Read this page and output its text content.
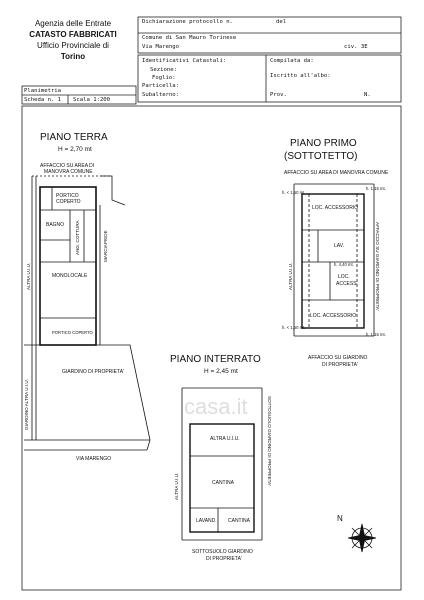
Agenzia delle Entrate
CATASTO FABBRICATI
Ufficio Provinciale di
Torino
Dichiarazione protocollo n.	del
Comune di San Mauro Torinese
Via Marengo	civ. 3E
Identificativi Catastali:
Sezione:
Foglio:
Particella:
Subalterno:
Compilata da:
Iscritto all'albo:
Prov.	N.
Planimetria
Scheda n. 1 Scala 1:200
PIANO TERRA
H = 2,70 mt
AFFACCIO SU AREA DI
MANOVRA COMUNE
PORTICO
COPERTO
BAGNO ANG. COTTURA	MARCIAPIEDE
MONOLOCALE
PORTICO COPERTO
GIARDINO DI PROPRIETA'
ALTRA U.I.U.
GIARDINO ALTRA U.I.U.
VIA MARENGO
PIANO PRIMO
(SOTTOTETTO)
AFFACCIO SU AREA DI MANOVRA COMUNE
h. < 1,50 mt.
h. 1,15 mt.
LOC. ACCESSORIO
LAV.
h. 4,40 mt.
LOC.
ACCESS.
LOC. ACCESSORIO
h. < 1,50 mt.
h. 1,15 mt.
ALTRA U.I.U.	AFFACCIO SU GIARDINO DI PROPRIETA'
AFFACCIO SU GIARDINO
DI PROPRIETA'
PIANO INTERRATO
H = 2,45 mt
ALTRA U.I.U.
CANTINA
LAVAND. CANTINA
ALTRA U.I.U.
SOTTOSUOLO GIARDINO DI PROPRIETA'
SOTTOSUOLO GIARDINO
DI PROPRIETA'
N
casa.it
